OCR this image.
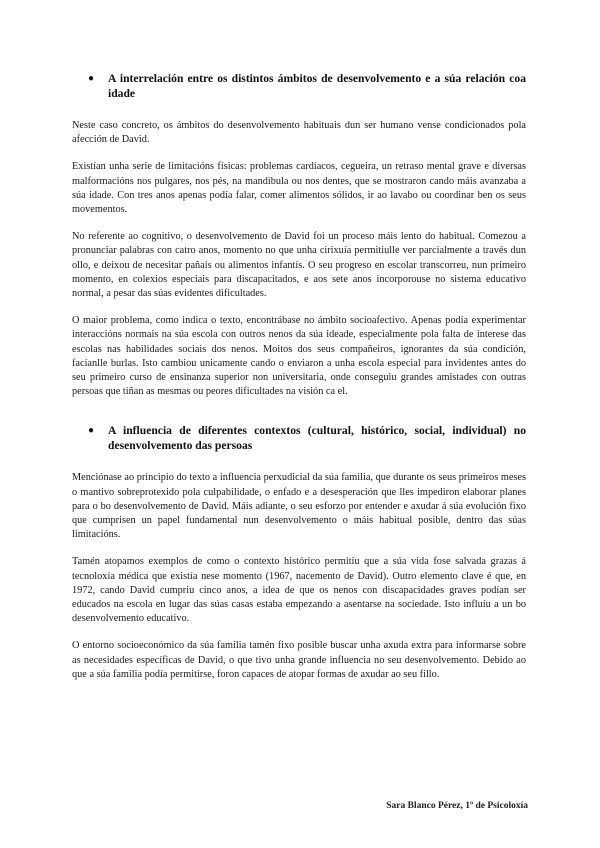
● A interrelación entre os distintos ámbitos de desenvolvemento e a súa relación coa idade

Neste caso concreto, os ámbitos do desenvolvemento habituais dun ser humano vense condicionados pola afección de David.

Existían unha serie de limitacións físicas: problemas cardíacos, cegueira, un retraso mental grave e diversas malformacións nos pulgares, nos pés, na mandíbula ou nos dentes, que se mostraron cando máis avanzaba a súa idade. Con tres anos apenas podía falar, comer alimentos sólidos, ir ao lavabo ou coordinar ben os seus movementos.

No referente ao cognitivo, o desenvolvemento de David foi un proceso máis lento do habitual. Comezou a pronunciar palabras con catro anos, momento no que unha cirixuía permitiulle ver parcialmente a través dun ollo, e deixou de necesitar pañais ou alimentos infantís. O seu progreso en escolar transcorreu, nun primeiro momento, en colexios especiais para discapacitados, e aos sete anos incorporouse no sistema educativo normal, a pesar das súas evidentes dificultades.

O maior problema, como indica o texto, encontrábase no ámbito socioafectivo. Apenas podía experimentar interaccións normais na súa escola con outros nenos da súa ideade, especialmente pola falta de interese das escolas nas habilidades sociais dos nenos. Moitos dos seus compañeiros, ignorantes da súa condición, facíanlle burlas. Isto cambiou unicamente cando o enviaron a unha escola especial para invidentes antes do seu primeiro curso de ensinanza superior non universitaria, onde conseguiu grandes amistades con outras persoas que tiñan as mesmas ou peores dificultades na visión ca el.

● A influencia de diferentes contextos (cultural, histórico, social, individual) no desenvolvemento das persoas

Menciónase ao principio do texto a influencia perxudicial da súa familia, que durante os seus primeiros meses o mantivo sobreprotexido pola culpabilidade, o enfado e a desesperación que lles impediron elaborar planes para o bo desenvolvemento de David. Máis adiante, o seu esforzo por entender e axudar á súa evolución fixo que cumprisen un papel fundamental nun desenvolvemento o máis habitual posible, dentro das súas limitacións.

Tamén atopamos exemplos de como o contexto histórico permitiu que a súa vida fose salvada grazas á tecnoloxía médica que existía nese momento (1967, nacemento de David). Outro elemento clave é que, en 1972, cando David cumpriu cinco anos, a idea de que os nenos con discapacidades graves podían ser educados na escola en lugar das súas casas estaba empezando a asentarse na sociedade. Isto influíu a un bo desenvolvemento educativo.

O entorno socioeconómico da súa familia tamén fixo posible buscar unha axuda extra para informarse sobre as necesidades específicas de David, o que tivo unha grande influencia no seu desenvolvemento. Debido ao que a súa familia podía permitirse, foron capaces de atopar formas de axudar ao seu fillo.

Sara Blanco Pérez, 1º de Psicoloxía
